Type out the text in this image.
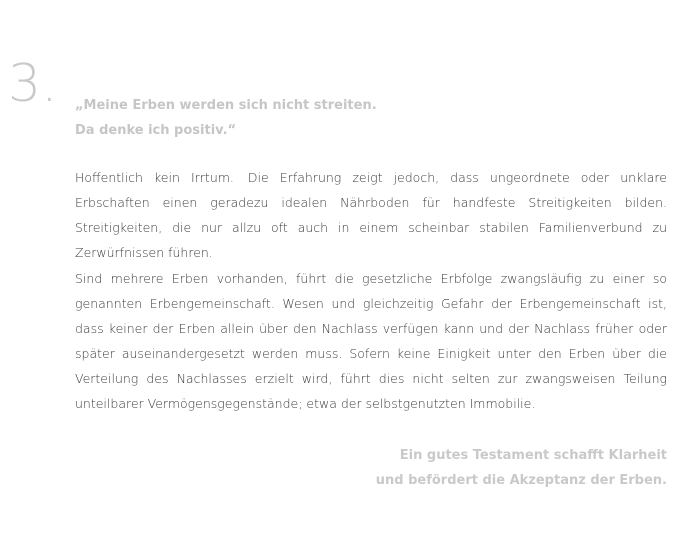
3. „Meine Erben werden sich nicht streiten.
Da denke ich positiv.“

Hoffentlich kein Irrtum. Die Erfahrung zeigt jedoch, dass ungeordnete oder unklare Erbschaften einen geradezu idealen Nährboden für handfeste Streitigkeiten bilden. Streitigkeiten, die nur allzu oft auch in einem scheinbar stabilen Familienverbund zu Zerwürfnissen führen.

Sind mehrere Erben vorhanden, führt die gesetzliche Erbfolge zwangsläufig zu einer so genannten Erbengemeinschaft. Wesen und gleichzeitig Gefahr der Erbengemeinschaft ist, dass keiner der Erben allein über den Nachlass verfügen kann und der Nachlass früher oder später auseinandergesetzt werden muss. Sofern keine Einigkeit unter den Erben über die Verteilung des Nachlasses erzielt wird, führt dies nicht selten zur zwangsweisen Teilung unteilbarer Vermögensgegenstände; etwa der selbstgenutzten Immobilie.

Ein gutes Testament schafft Klarheit
und befördert die Akzeptanz der Erben.
